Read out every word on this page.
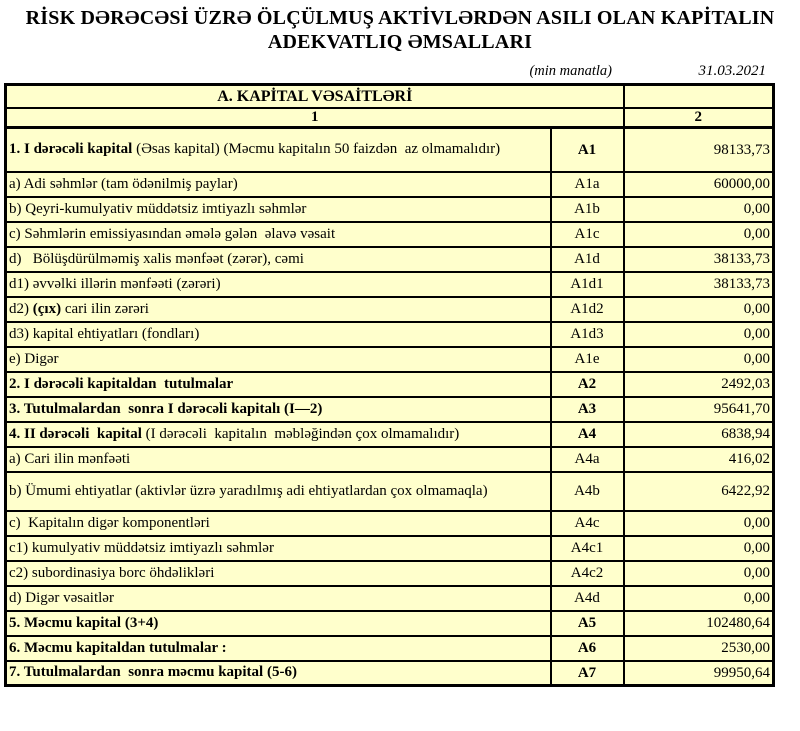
RİSK DƏRƏCƏSİ ÜZRƏ ÖLÇÜLMUŞ AKTİVLƏRDƏN ASILI OLAN KAPİTALIN
ADEKVATLIQ ƏMSALLARI
(min manatla)	31.03.2021
A. KAPİTAL VƏSAİTLƏRİ		
1		2
1. I dərəcəli kapital (Əsas kapital) (Məcmu kapitalın 50 faizdən  az olmamalıdır)	A1	98133,73
a) Adi səhmlər (tam ödənilmiş paylar)	A1a	60000,00
b) Qeyri-kumulyativ müddətsiz imtiyazlı səhmlər	A1b	0,00
c) Səhmlərin emissiyasından əmələ gələn  əlavə vəsait	A1c	0,00
d)   Bölüşdürülməmiş xalis mənfəət (zərər), cəmi	A1d	38133,73
d1) əvvəlki illərin mənfəəti (zərəri)	A1d1	38133,73
d2) (çıx) cari ilin zərəri	A1d2	0,00
d3) kapital ehtiyatları (fondları)	A1d3	0,00
e) Digər	A1e	0,00
2. I dərəcəli kapitaldan  tutulmalar	A2	2492,03
3. Tutulmalardan  sonra I dərəcəli kapitalı (I—2)	A3	95641,70
4. II dərəcəli  kapital (I dərəcəli  kapitalın  məbləğindən çox olmamalıdır)	A4	6838,94
a) Cari ilin mənfəəti	A4a	416,02
b) Ümumi ehtiyatlar (aktivlər üzrə yaradılmış adi ehtiyatlardan çox olmamaqla)	A4b	6422,92
c)  Kapitalın digər komponentləri	A4c	0,00
c1) kumulyativ müddətsiz imtiyazlı səhmlər	A4c1	0,00
c2) subordinasiya borc öhdəlikləri	A4c2	0,00
d) Digər vəsaitlər	A4d	0,00
5. Məcmu kapital (3+4)	A5	102480,64
6. Məcmu kapitaldan tutulmalar :	A6	2530,00
7. Tutulmalardan  sonra məcmu kapital (5-6)	A7	99950,64
